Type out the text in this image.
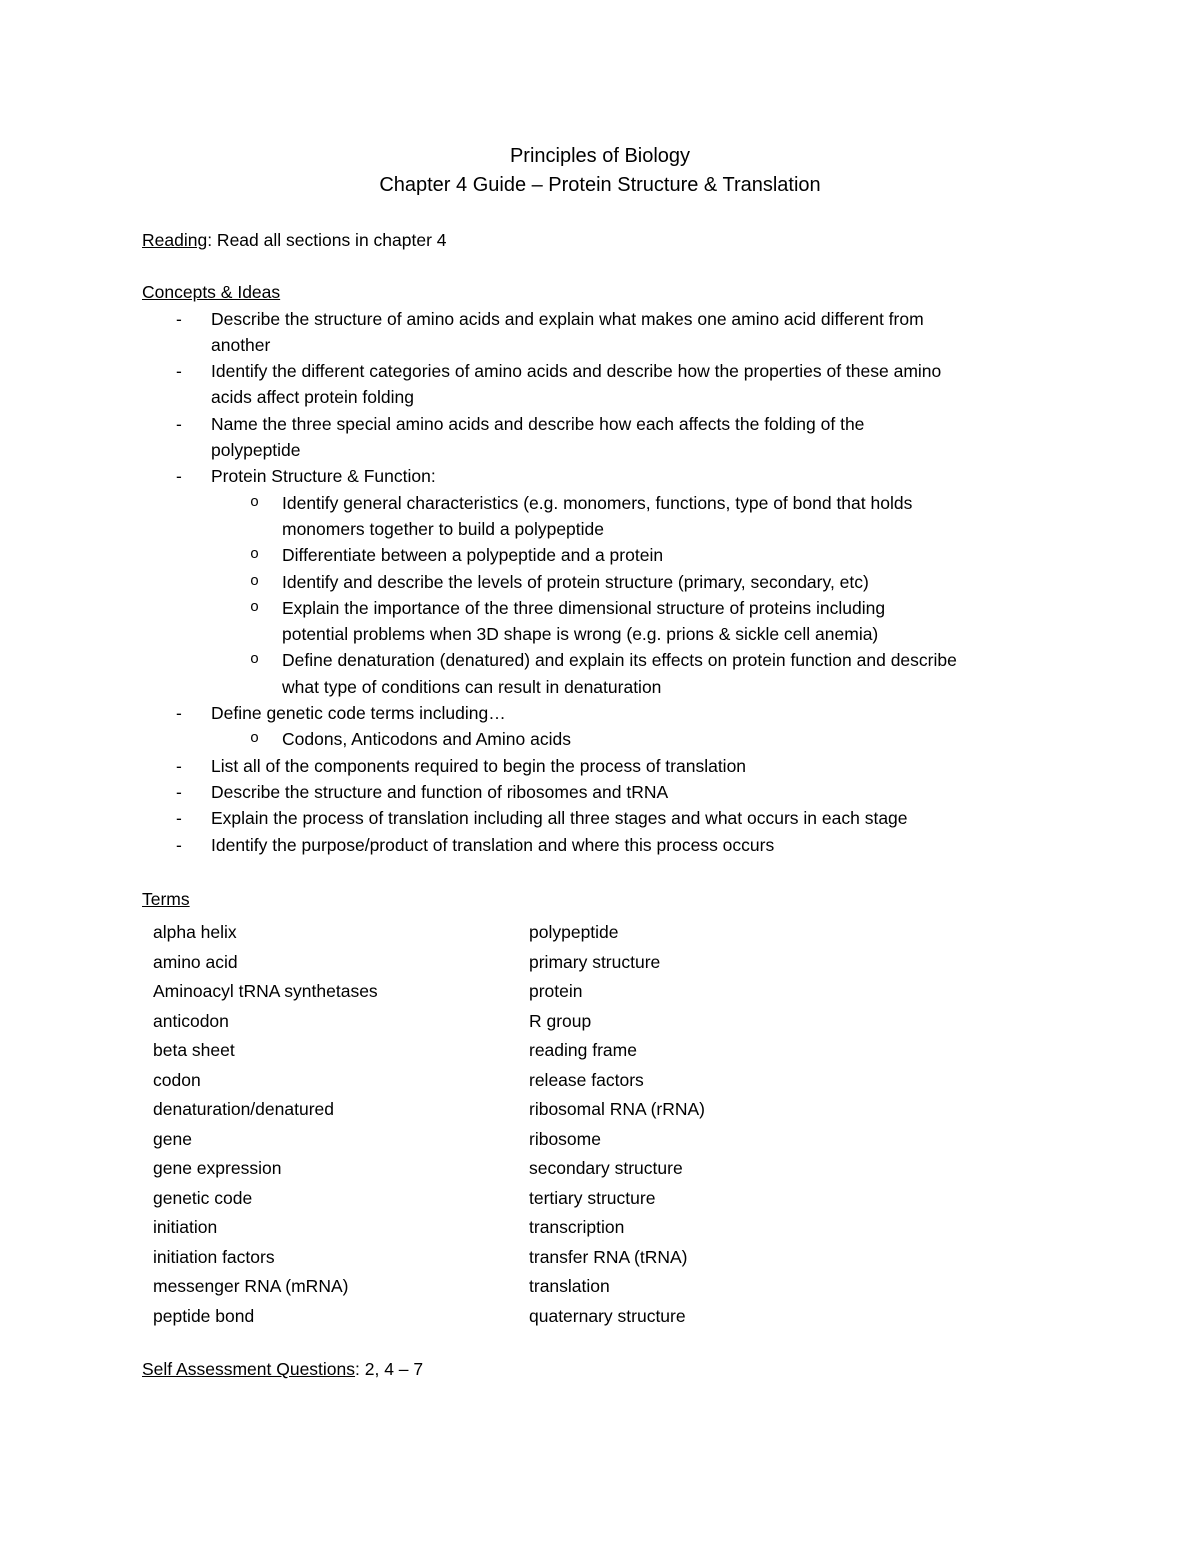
Principles of Biology
Chapter 4 Guide – Protein Structure & Translation
Reading: Read all sections in chapter 4
Concepts & Ideas
- Describe the structure of amino acids and explain what makes one amino acid different from
another
- Identify the different categories of amino acids and describe how the properties of these amino
acids affect protein folding
- Name the three special amino acids and describe how each affects the folding of the
polypeptide
- Protein Structure & Function:
o Identify general characteristics (e.g. monomers, functions, type of bond that holds
monomers together to build a polypeptide
o Differentiate between a polypeptide and a protein
o Identify and describe the levels of protein structure (primary, secondary, etc)
o Explain the importance of the three dimensional structure of proteins including
potential problems when 3D shape is wrong (e.g. prions & sickle cell anemia)
o Define denaturation (denatured) and explain its effects on protein function and describe
what type of conditions can result in denaturation
- Define genetic code terms including…
o Codons, Anticodons and Amino acids
- List all of the components required to begin the process of translation
- Describe the structure and function of ribosomes and tRNA
- Explain the process of translation including all three stages and what occurs in each stage
- Identify the purpose/product of translation and where this process occurs
Terms
alpha helix
amino acid
Aminoacyl tRNA synthetases
anticodon
beta sheet
codon
denaturation/denatured
gene
gene expression
genetic code
initiation
initiation factors
messenger RNA (mRNA)
peptide bond
polypeptide
primary structure
protein
R group
reading frame
release factors
ribosomal RNA (rRNA)
ribosome
secondary structure
tertiary structure
transcription
transfer RNA (tRNA)
translation
quaternary structure
Self Assessment Questions: 2, 4 – 7
